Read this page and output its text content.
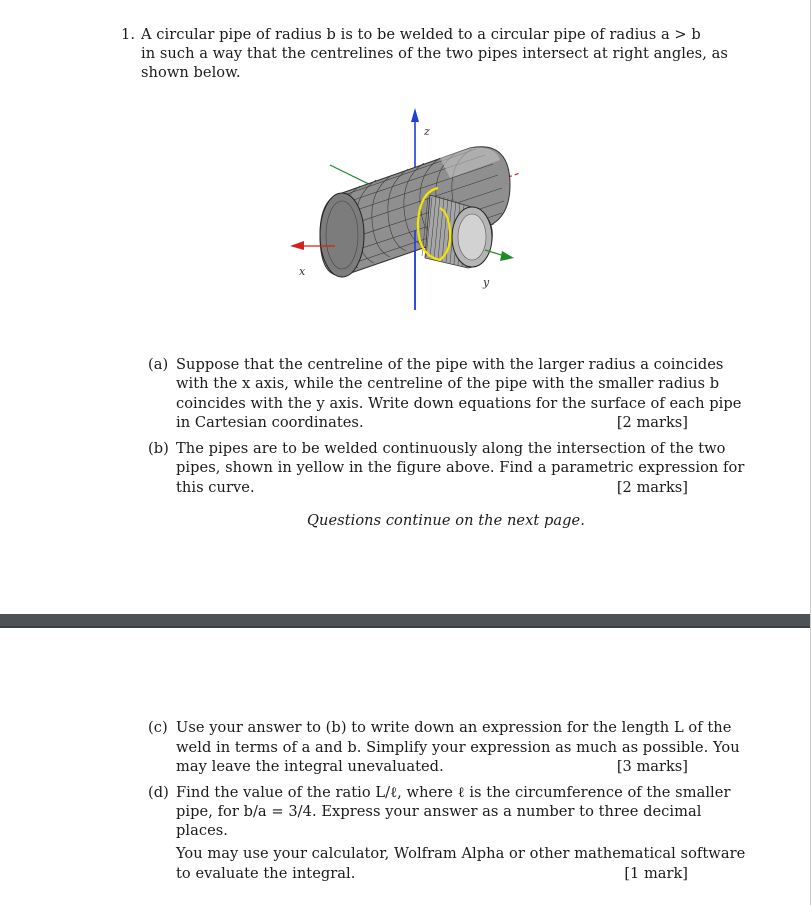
1. A circular pipe of radius b is to be welded to a circular pipe of radius a > b
in such a way that the centrelines of the two pipes intersect at right angles, as
shown below.
z
x
y
(a) Suppose that the centreline of the pipe with the larger radius a coincides
with the x axis, while the centreline of the pipe with the smaller radius b
coincides with the y axis. Write down equations for the surface of each pipe
in Cartesian coordinates.	[2 marks]
(b) The pipes are to be welded continuously along the intersection of the two
pipes, shown in yellow in the figure above. Find a parametric expression for
this curve.	[2 marks]
Questions continue on the next page.
(c) Use your answer to (b) to write down an expression for the length L of the
weld in terms of a and b. Simplify your expression as much as possible. You
may leave the integral unevaluated.	[3 marks]
(d) Find the value of the ratio L/ℓ, where ℓ is the circumference of the smaller
pipe, for b/a = 3/4. Express your answer as a number to three decimal
places.
You may use your calculator, Wolfram Alpha or other mathematical software
to evaluate the integral.	[1 mark]
